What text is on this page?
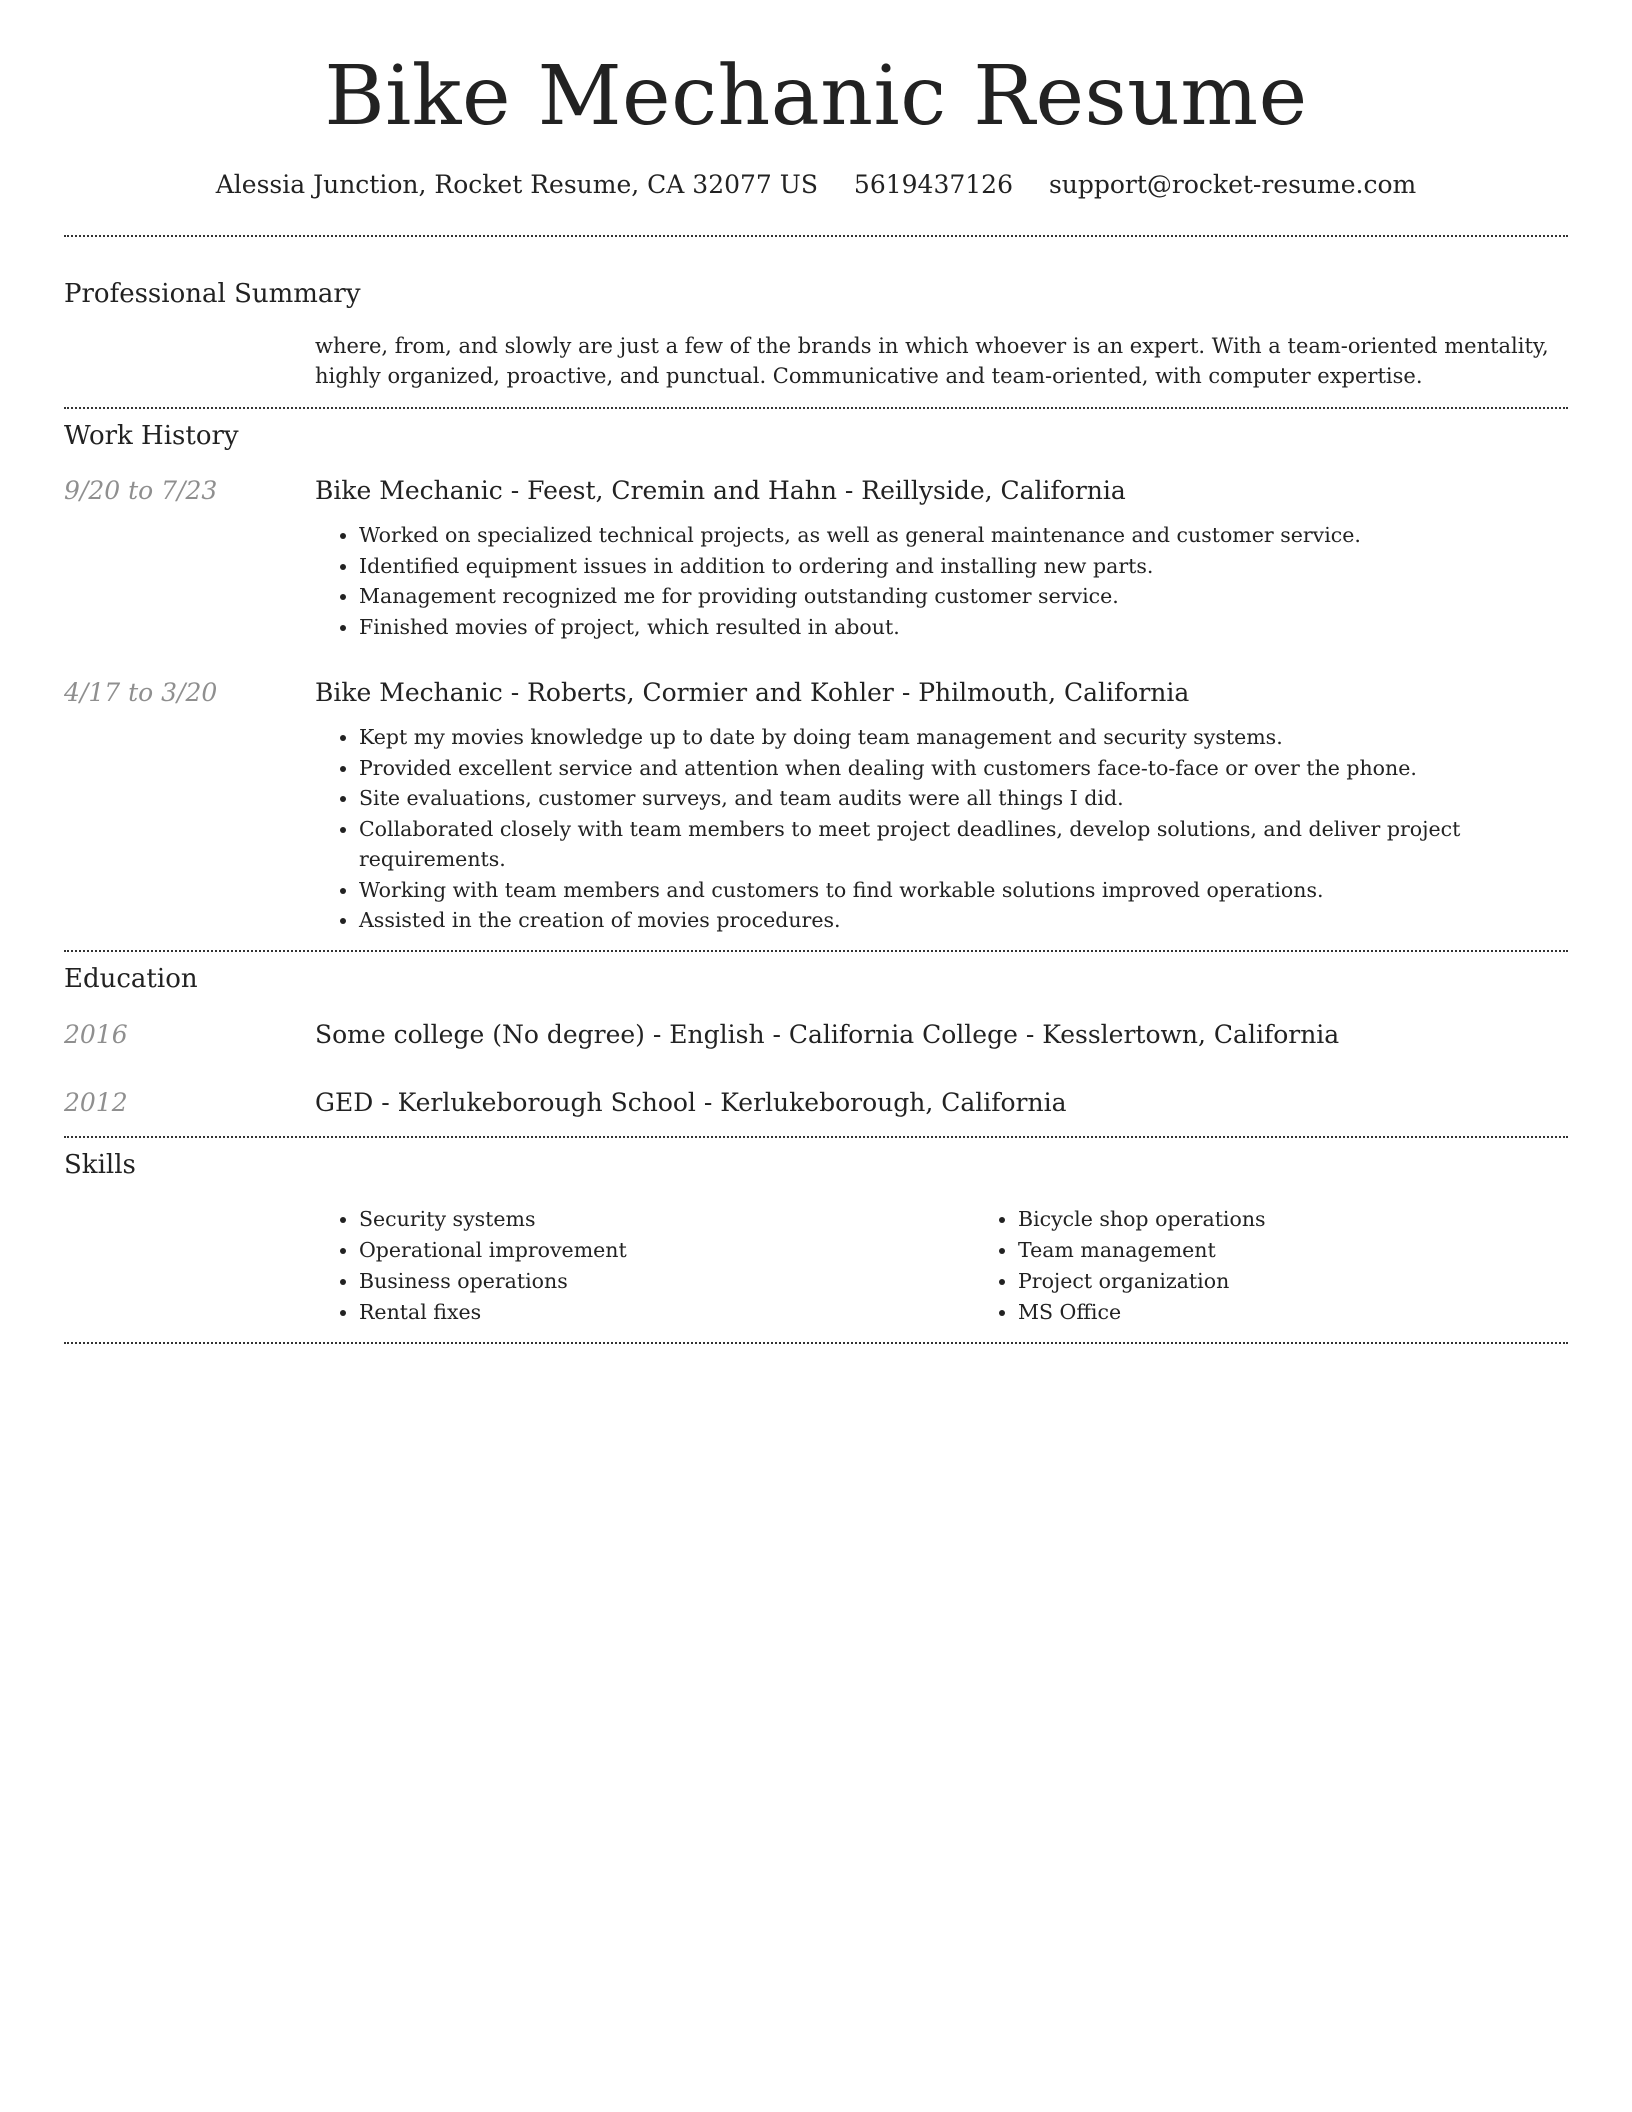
Bike Mechanic Resume
Alessia Junction, Rocket Resume, CA 32077 US 5619437126 support@rocket-resume.com
Professional Summary

where, from, and slowly are just a few of the brands in which whoever is an expert. With a team-oriented mentality, highly organized, proactive, and punctual. Communicative and team-oriented, with computer expertise.

Work History
9/20 to 7/23	Bike Mechanic - Feest, Cremin and Hahn - Reillyside, California
• Worked on specialized technical projects, as well as general maintenance and customer service.
• Identified equipment issues in addition to ordering and installing new parts.
• Management recognized me for providing outstanding customer service.
• Finished movies of project, which resulted in about.
4/17 to 3/20	Bike Mechanic - Roberts, Cormier and Kohler - Philmouth, California
• Kept my movies knowledge up to date by doing team management and security systems.
• Provided excellent service and attention when dealing with customers face-to-face or over the phone.
• Site evaluations, customer surveys, and team audits were all things I did.
• Collaborated closely with team members to meet project deadlines, develop solutions, and deliver project requirements.
• Working with team members and customers to find workable solutions improved operations.
• Assisted in the creation of movies procedures.
Education
2016	Some college (No degree) - English - California College - Kesslertown, California
2012	GED - Kerlukeborough School - Kerlukeborough, California
Skills
• Security systems
• Operational improvement
• Business operations
• Rental fixes
• Bicycle shop operations
• Team management
• Project organization
• MS Office
